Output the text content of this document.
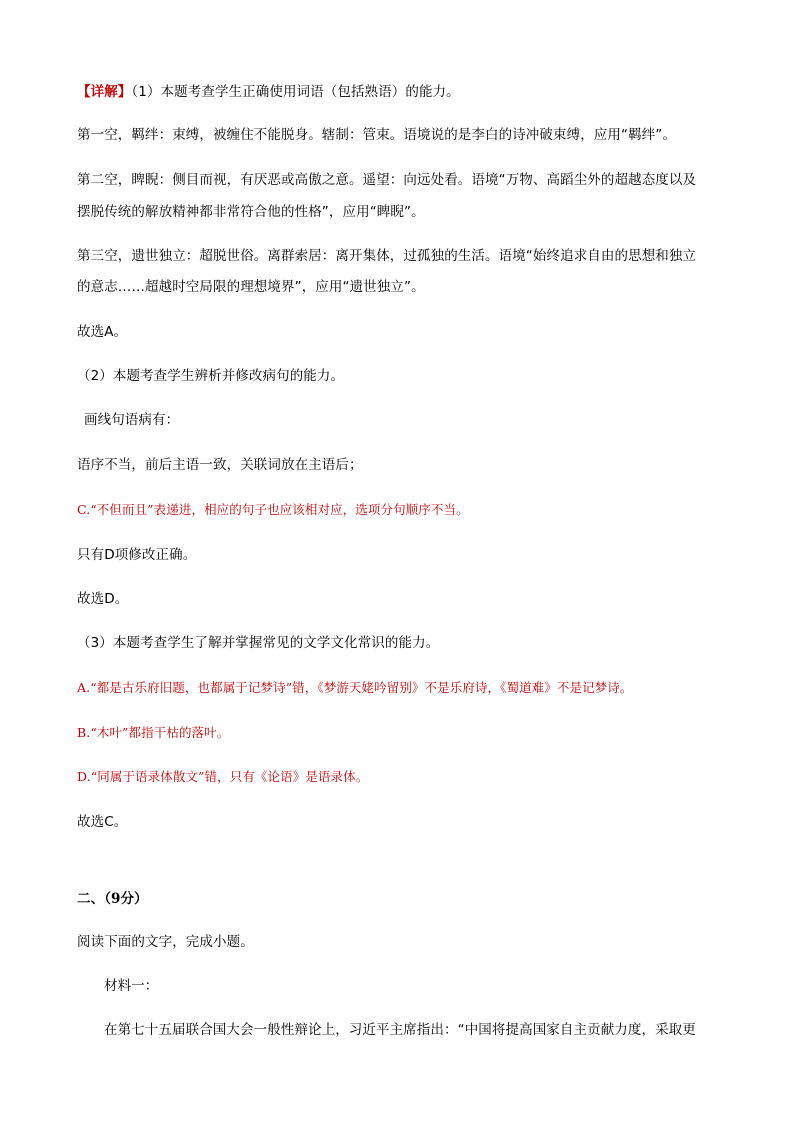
【详解】（1）本题考查学生正确使用词语（包括熟语）的能力。
第一空，羁绊：束缚，被缠住不能脱身。辖制：管束。语境说的是李白的诗冲破束缚，应用“羁绊”。
第二空，睥睨：侧目而视，有厌恶或高傲之意。遥望：向远处看。语境“万物、高蹈尘外的超越态度以及
摆脱传统的解放精神都非常符合他的性格”，应用“睥睨”。
第三空，遗世独立：超脱世俗。离群索居：离开集体，过孤独的生活。语境“始终追求自由的思想和独立
的意志……超越时空局限的理想境界”，应用“遗世独立”。
故选A。
（2）本题考查学生辨析并修改病句的能力。
画线句语病有：
语序不当，前后主语一致，关联词放在主语后；
C.“不但而且”表递进，相应的句子也应该相对应，选项分句顺序不当。
只有D项修改正确。
故选D。
（3）本题考查学生了解并掌握常见的文学文化常识的能力。
A.“都是古乐府旧题，也都属于记梦诗”错，《梦游天姥吟留别》不是乐府诗，《蜀道难》不是记梦诗。
B.“木叶”都指干枯的落叶。
D.“同属于语录体散文”错，只有《论语》是语录体。
故选C。
二、（9分）
阅读下面的文字，完成小题。
材料一：
在第七十五届联合国大会一般性辩论上，习近平主席指出：“中国将提高国家自主贡献力度，采取更
